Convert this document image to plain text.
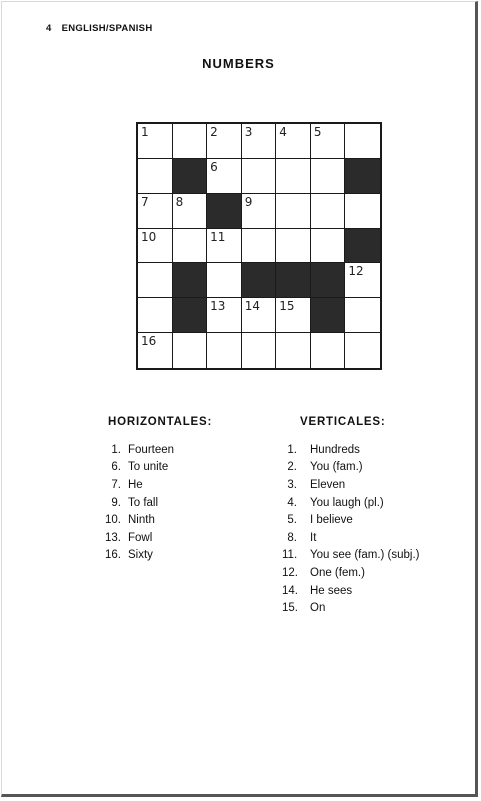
4 ENGLISH/SPANISH
NUMBERS
1	2 3 4 5
6
7 8	9
10	11
12
13 14 15
16
HORIZONTALES:
1. Fourteen
6. To unite
7. He
9. To fall
10. Ninth
13. Fowl
16. Sixty
VERTICALES:
1. Hundreds
2. You (fam.)
3. Eleven
4. You laugh (pl.)
5. I believe
8. It
11. You see (fam.) (subj.)
12. One (fem.)
14. He sees
15. On
